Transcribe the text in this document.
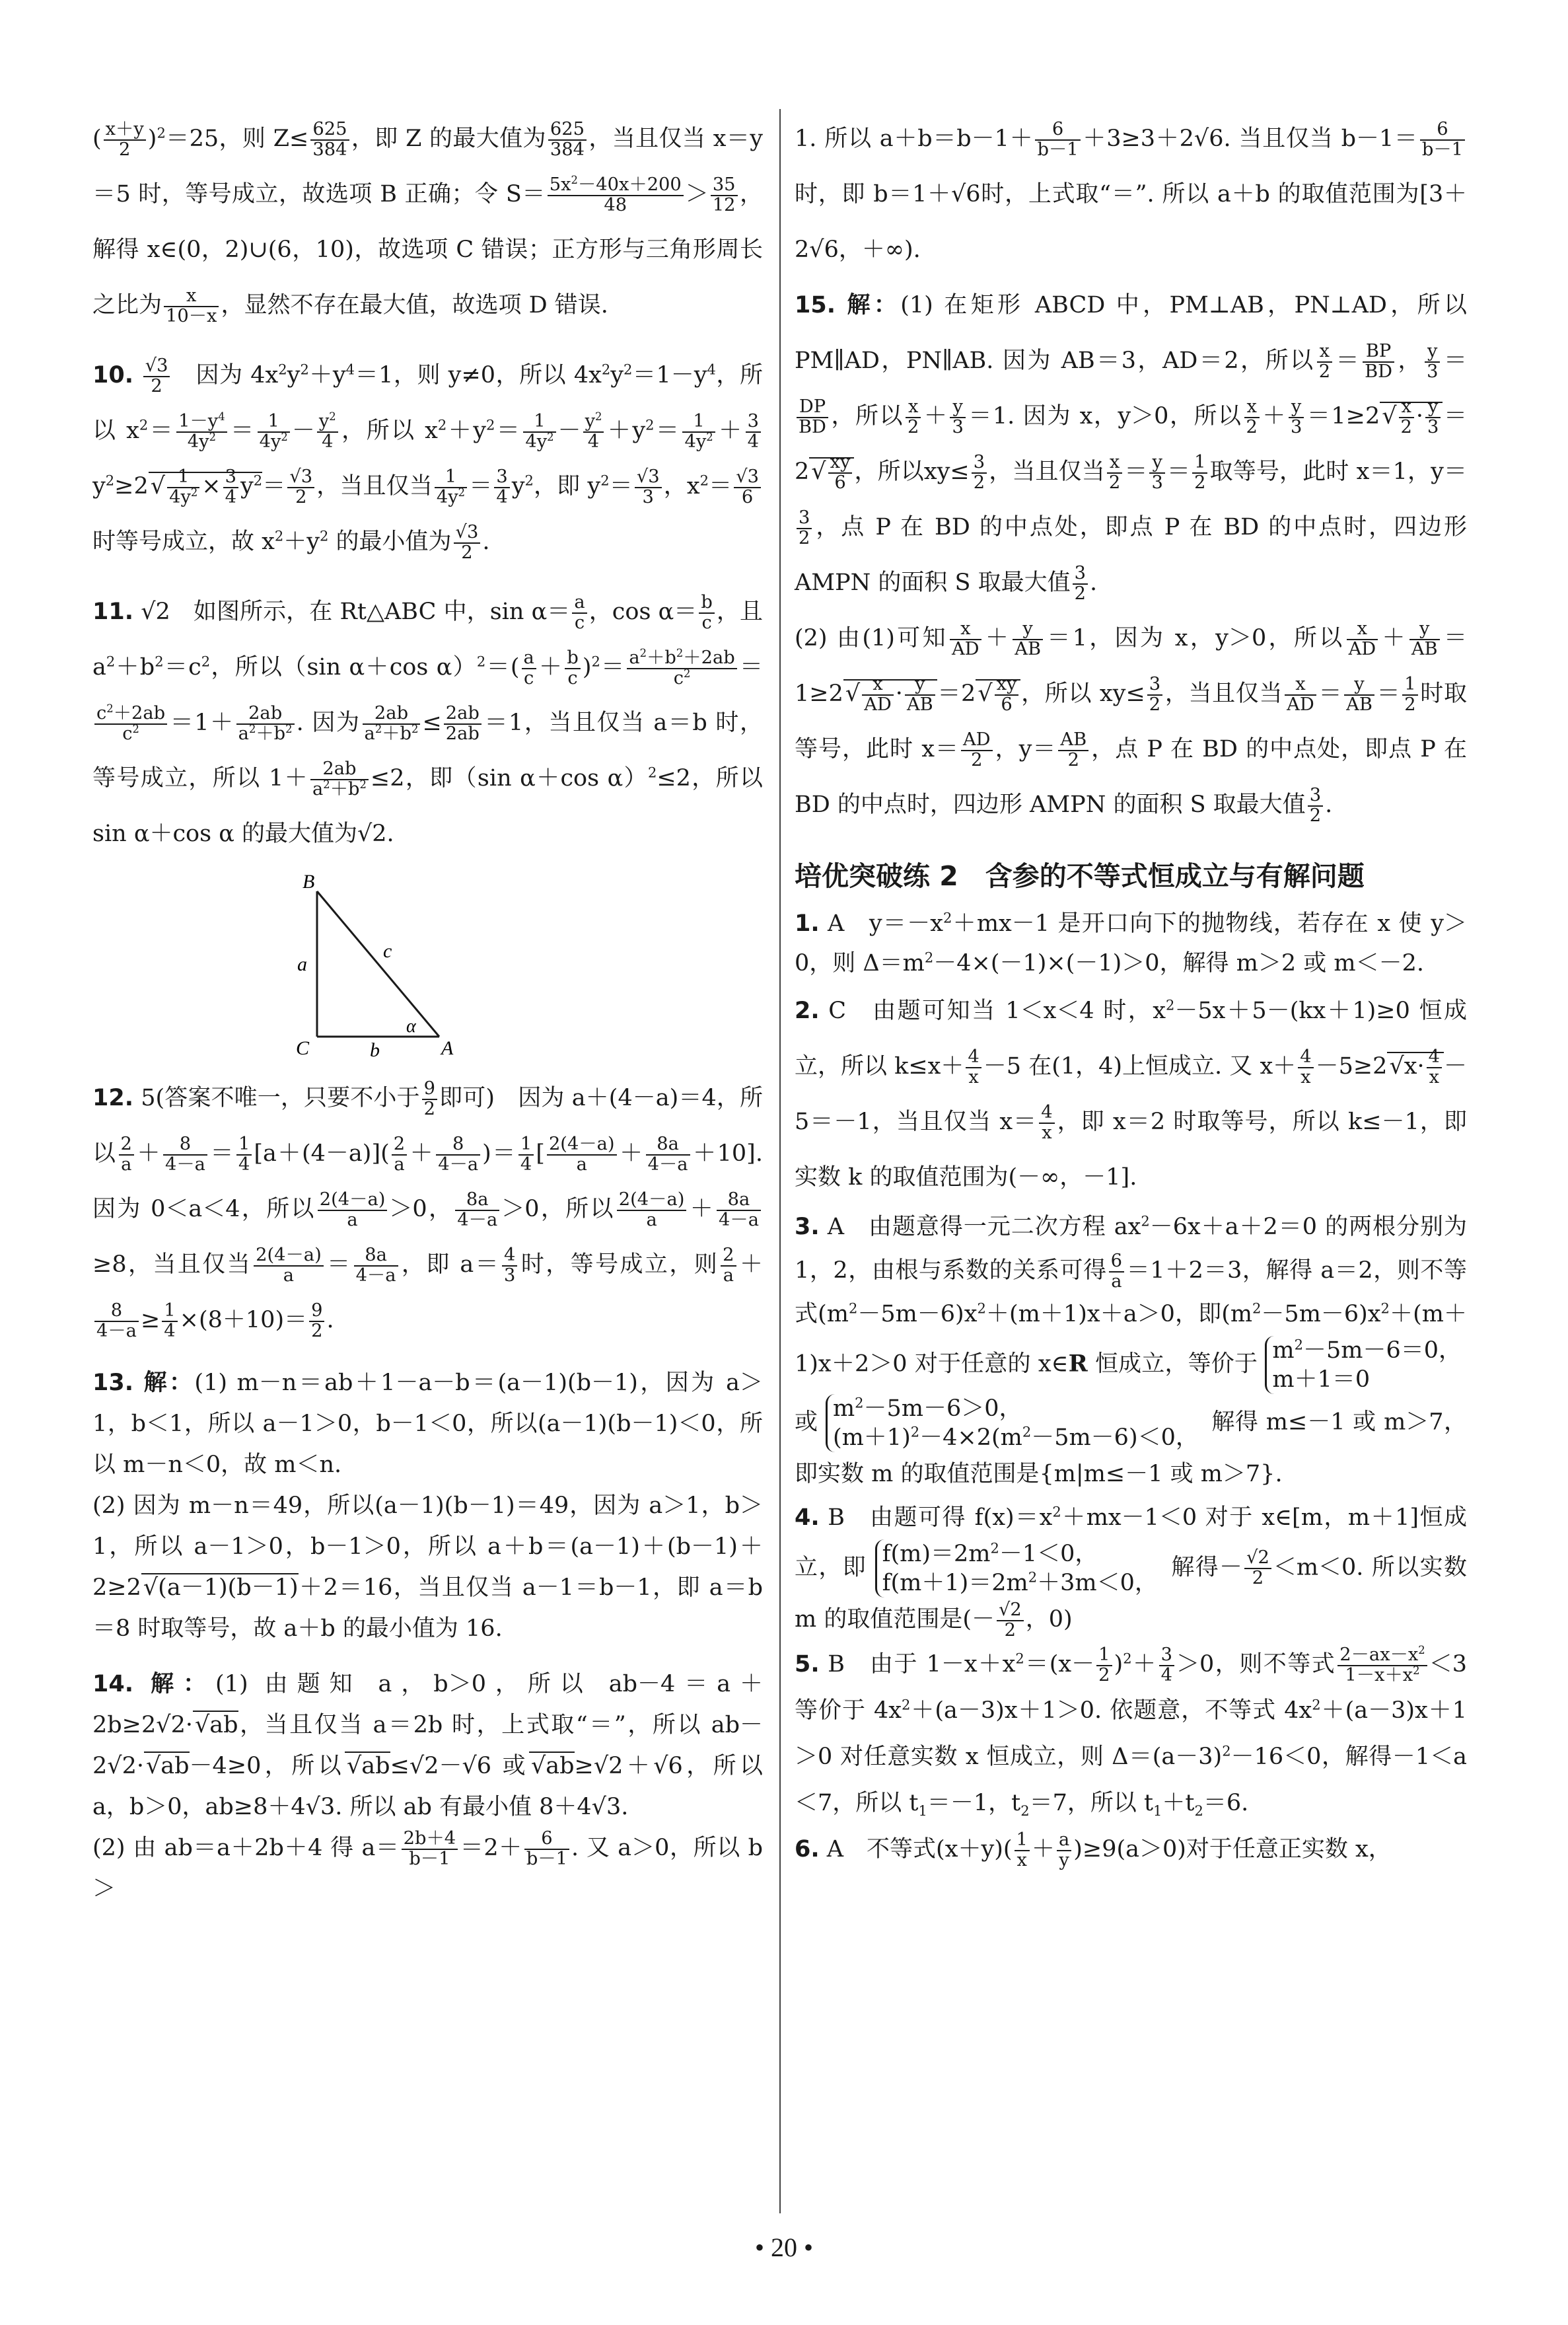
( $\frac{x+y}{2} )^2=25$，则 $Z\le \frac{625}{384}$ ，即 Z 的最大值为 $\frac{625}{384}$ ，当且仅当 x＝y＝5 时，等号成立，故选项 B 正确；令 $S= \frac{5x^2-40x+200}{48} > \frac{35}{12}$ ，解得 x∈(0，2)∪(6，10)，故选项 C 错误；正方形与三角形周长之比为 $\frac{x}{10-x}$ ，显然不存在最大值，故选项 D 错误.

10. $\frac{√3}{2}$ 　因为 $4x^2y^2+y^4=1$，则 y≠0，所以 $4x^2y^2=1-y^4$，所以 $x^2= \frac{1-y^4}{4y^2} = \frac{1}{4y^2} - \frac{y^2}{4}$ ，所以 $x^2+y^2= \frac{1}{4y^2} - \frac{y^2}{4} +y^2= \frac{1}{4y^2} + \frac{3}{4}$
$y^2\ge 2√ \frac{1}{4y^2} \times \frac{3}{4} y^2= \frac{√3}{2}$ ，当且仅当 $\frac{1}{4y^2} = \frac{3}{4} y^2$，即 $y^2= \frac{√3}{3}$ ，$x^2= \frac{√3}{6}$
时等号成立，故 $x^2+y^2$ 的最小值为 $\frac{√3}{2}$ .

11. √2　如图所示，在 Rt△ABC 中，$\sin \alpha= \frac{a}{c}$ ，$\cos \alpha= \frac{b}{c}$ ，且 $a^2+b^2=c^2$，所以（sin α＋cos $\alpha)^2=( \frac{a}{c} + \frac{b}{c} )^2= \frac{a^2+b^2+2ab}{c^2}$ ＝
$\frac{c^2+2ab}{c^2} =1+ \frac{2ab}{a^2+b^2}$ . 因为 $\frac{2ab}{a^2+b^2} \le \frac{2ab}{2ab} =1$，当且仅当 a＝b 时，等号成立，所以 $1+ \frac{2ab}{a^2+b^2} \le 2$，即（sin α＋cos α）$^2$≤2，所以 sin α＋cos α 的最大值为√2.

B
a
c
C	b
α
A

12. 5(答案不唯一，只要不小于 $\frac{9}{2}$ 即可)　因为 a＋(4－a)＝4，所以 $\frac{2}{a} + \frac{8}{4-a} = \frac{1}{4} [a+(4-a)]( \frac{2}{a} + \frac{8}{4-a}$ )＝ $\frac{1}{4}$ [ $\frac{2(4-a)}{a} + \frac{8a}{4-a} +10$]. 因为 0＜a＜4，所以 $\frac{2(4-a)}{a} >0$， $\frac{8a}{4-a} >0$，所以 $\frac{2(4-a)}{a} + \frac{8a}{4-a}$
≥8，当且仅当 $\frac{2(4-a)}{a} = \frac{8a}{4-a}$ ，即 $a= \frac{4}{3}$ 时，等号成立，则 $\frac{2}{a}$ ＋
$\frac{8}{4-a} \ge \frac{1}{4} \times(8+10)= \frac{9}{2}$ .

13. 解：(1) m－n＝ab＋1－a－b＝(a－1)(b－1)，因为 a＞1，b＜1，所以 a－1＞0，b－1＜0，所以(a－1)(b－1)＜0，所以 m－n＜0，故 m＜n.
(2) 因为 m－n＝49，所以(a－1)(b－1)＝49，因为 a＞1，b＞1，所以 a－1＞0，b－1＞0，所以 a＋b＝(a－1)＋(b－1)＋2≥2√(a－1)(b－1)＋2＝16，当且仅当 a－1＝b－1，即 a＝b＝8 时取等号，故 a＋b 的最小值为 16.

14. 解：(1) 由题知 a，b＞0，所以 ab－4＝a＋2b≥2√2·√ab，当且仅当 a＝2b 时，上式取“＝”，所以 ab－2√2·√ab－4≥0，所以√ab≤√2－√6 或√ab≥√2＋√6，所以 a，b＞0，ab≥8＋4√3. 所以 ab 有最小值 8＋4√3.
(2) 由 ab＝a＋2b＋4 得 $a= \frac{2b+4}{b-1} =2+ \frac{6}{b-1}$ . 又 a＞0，所以 b＞

1. 所以 $a+b=b-1+ \frac{6}{b-1} +3\ge 3+2√6$. 当且仅当 $b-1= \frac{6}{b-1}$
时，即 b＝1＋√6时，上式取“＝”. 所以 a＋b 的取值范围为[3＋2√6，＋∞).

15. 解：(1) 在矩形 ABCD 中，PM⊥AB，PN⊥AD，所以 PM∥AD，PN∥AB. 因为 AB＝3，AD＝2，所以 $\frac{x}{2} = \frac{BP}{BD}$ ， $\frac{y}{3}$ ＝
$\frac{DP}{BD}$ ，所以 $\frac{x}{2} + \frac{y}{3} =1$. 因为 x，y＞0，所以 $\frac{x}{2} + \frac{y}{3} =1\ge 2√ \frac{x}{2} \cdot \frac{y}{3} =2√ \frac{xy}{6}$ ，所以$xy\le \frac{3}{2}$ ，当且仅当 $\frac{x}{2} = \frac{y}{3} = \frac{1}{2}$ 取等号，此时 x＝1，y＝
$\frac{3}{2}$ ，点 P 在 BD 的中点处，即点 P 在 BD 的中点时，四边形 AMPN 的面积 S 取最大值 $\frac{3}{2}$ .
(2) 由(1)可知 $\frac{x}{AD} + \frac{y}{AB} =1$，因为 x，y＞0，所以 $\frac{x}{AD} + \frac{y}{AB} =1\ge 2√ \frac{x}{AD} \cdot \frac{y}{AB} =2√ \frac{xy}{6}$ ，所以 $xy\le \frac{3}{2}$ ，当且仅当 $\frac{x}{AD} = \frac{y}{AB} = \frac{1}{2}$ 时取等号，此时 $x= \frac{AD}{2}$ ，$y= \frac{AB}{2}$ ，点 P 在 BD 的中点处，即点 P 在 BD 的中点时，四边形 AMPN 的面积 S 取最大值 $\frac{3}{2}$ .

培优突破练 2　含参的不等式恒成立与有解问题

1. A　$y=-x^2+mx-1$ 是开口向下的抛物线，若存在 x 使 y＞0，则 $\Delta=m^2-4\times(-1)\times(-1)>0$，解得 m＞2 或 m＜－2.

2. C　由题可知当 1＜x＜4 时，$x^2-5x+5-(kx+1)\ge 0$ 恒成立，所以 $k\le x+ \frac{4}{x} -5$ 在(1，4)上恒成立. 又 $x+ \frac{4}{x} -5\ge 2√x\cdot \frac{4}{x} -5=-1$，当且仅当 $x= \frac{4}{x}$ ，即 x＝2 时取等号，所以 k≤－1，即实数 k 的取值范围为(－∞，－1].

3. A　由题意得一元二次方程 $ax^2-6x+a+2=0$ 的两根分别为 1，2，由根与系数的关系可得 $\frac{6}{a} =1+2=3$，解得 a＝2，则不等式$(m^2-5m-6)x^2+(m+1)x+a>0$，即$(m^2-5m-6)x^2+(m+1)x+2>0$ 对于任意的 x∈R 恒成立，等价于 $m^2-5m-6=0$，
m＋1＝0 或 $m^2-5m-6>0$，
$(m+1)^2-4\times 2(m^2-5m-6)<0$， 解得 m≤－1 或 m＞7，即实数 m 的取值范围是{m|m≤－1 或 m＞7}.

4. B　由题可得 $f(x)=x^2+mx-1<0$ 对于 x∈[m，m＋1]恒成立，即 $f(m)=2m^2-1<0$，
$f(m+1)=2m^2+3m<0$， 解得－ $\frac{√2}{2} <m<0$. 所以实数 m 的取值范围是(－ $\frac{√2}{2}$ ，0)

5. B　由于 $1-x+x^2=(x- \frac{1}{2} )^2+ \frac{3}{4} >0$，则不等式 $\frac{2-ax-x^2}{1-x+x^2} <3$ 等价于 $4x^2+(a-3)x+1>0$. 依题意，不等式 $4x^2+(a-3)x+1>0$ 对任意实数 x 恒成立，则 $\Delta=(a-3)^2-16<0$，解得－1＜a＜7，所以 $t_1=-1$，$t_2=7$，所以 $t_1+t_2=6$.

6. A　不等式$(x+y)( \frac{1}{x} + \frac{a}{y} )\ge 9(a>0)$对于任意正实数 x，

• 20 •
